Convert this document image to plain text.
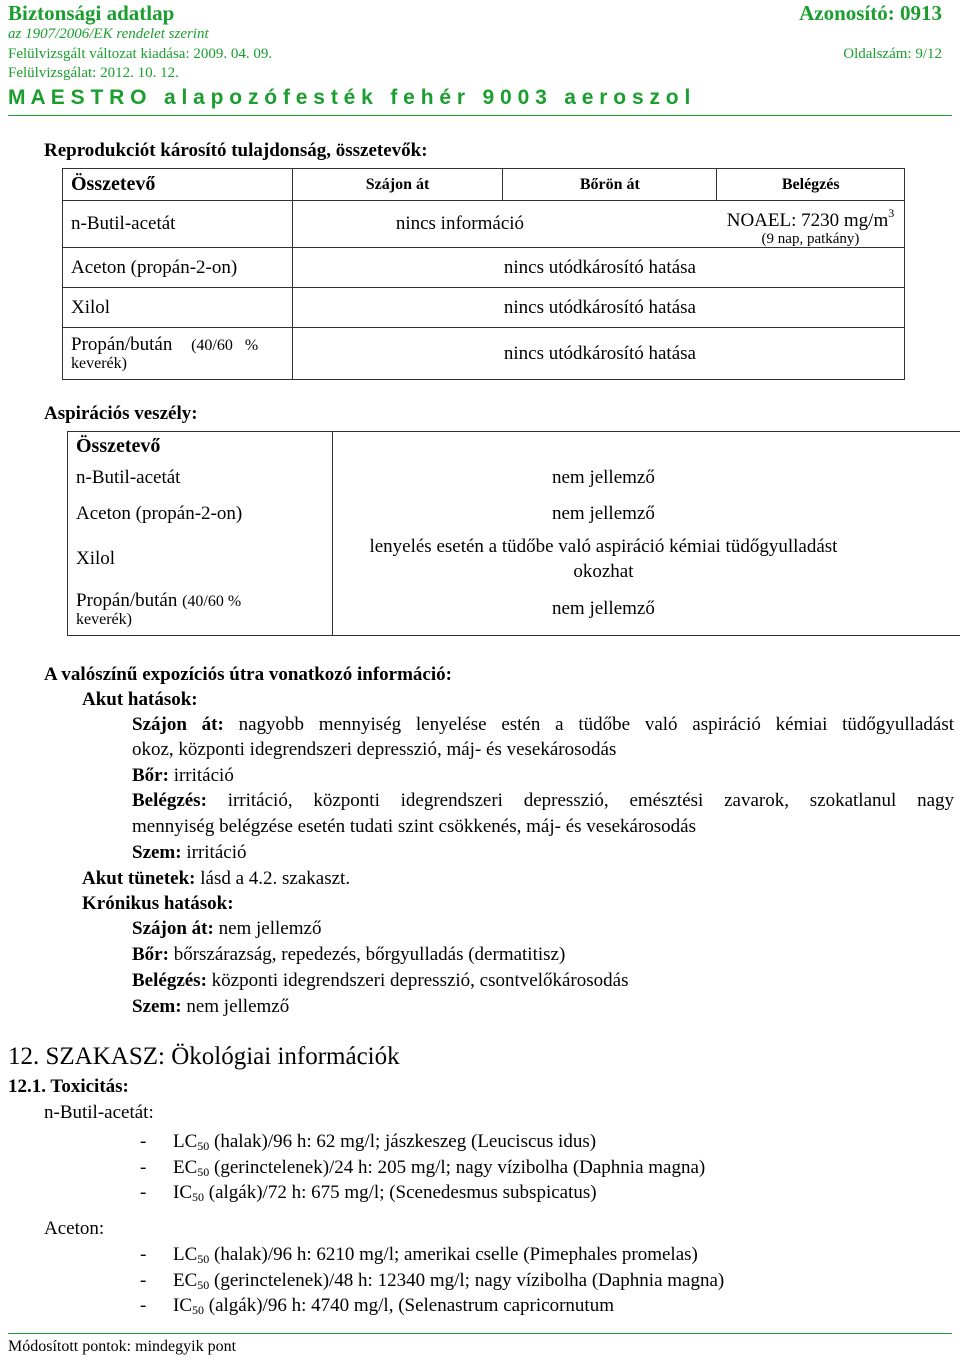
Biztonsági adatlap	Azonosító: 0913
az 1907/2006/EK rendelet szerint
Felülvizsgált változat kiadása: 2009. 04. 09.	Oldalszám: 9/12
Felülvizsgálat: 2012. 10. 12.
M A E S T R O   a l a p o z ó f e s t é k   f e h é r   9 0 0 3   a e r o s z o l
Reprodukciót károsító tulajdonság, összetevők:
Összetevő	Szájon át	Bőrön át	Belégzés
n-Butil-acetát	nincs információ		NOAEL: 7230 $mg/m^3$
(9 nap, patkány)

Aceton (propán-2-on)	nincs utódkárosító hatása		
Xilol	nincs utódkárosító hatása		

Propán/bután (40/60   %
keverék)	nincs utódkárosító hatása		
Aspirációs veszély:
Összetevő	
n-Butil-acetát	nem jellemző
Aceton (propán-2-on)	nem jellemző
Xilol	lenyelés esetén a tüdőbe való aspiráció kémiai tüdőgyulladást
okozhat

Propán/bután (40/60 %
keverék)	nem jellemző
A valószínű expozíciós útra vonatkozó információ:
Akut hatások:
Szájon át: nagyobb mennyiség lenyelése estén a tüdőbe való aspiráció kémiai tüdőgyulladást
okoz, központi idegrendszeri depresszió, máj- és vesekárosodás
Bőr: irritáció
Belégzés: irritáció, központi idegrendszeri depresszió, emésztési zavarok, szokatlanul nagy
mennyiség belégzése esetén tudati szint csökkenés, máj- és vesekárosodás
Szem: irritáció
Akut tünetek: lásd a 4.2. szakaszt.
Krónikus hatások:
Szájon át: nem jellemző
Bőr: bőrszárazság, repedezés, bőrgyulladás (dermatitisz)
Belégzés: központi idegrendszeri depresszió, csontvelőkárosodás
Szem: nem jellemző
12. SZAKASZ: Ökológiai információk
12.1. Toxicitás:
n-Butil-acetát:
- $LC_{50}$ (halak)/96 h: 62 mg/l; jászkeszeg (Leuciscus idus)
- $EC_{50}$ (gerinctelenek)/24 h: 205 mg/l; nagy vízibolha (Daphnia magna)
- $IC_{50}$ (algák)/72 h: 675 mg/l; (Scenedesmus subspicatus)
Aceton:
- $LC_{50}$ (halak)/96 h: 6210 mg/l; amerikai cselle (Pimephales promelas)
- $EC_{50}$ (gerinctelenek)/48 h: 12340 mg/l; nagy vízibolha (Daphnia magna)
- $IC_{50}$ (algák)/96 h: 4740 mg/l, (Selenastrum capricornutum
Módosított pontok: mindegyik pont
